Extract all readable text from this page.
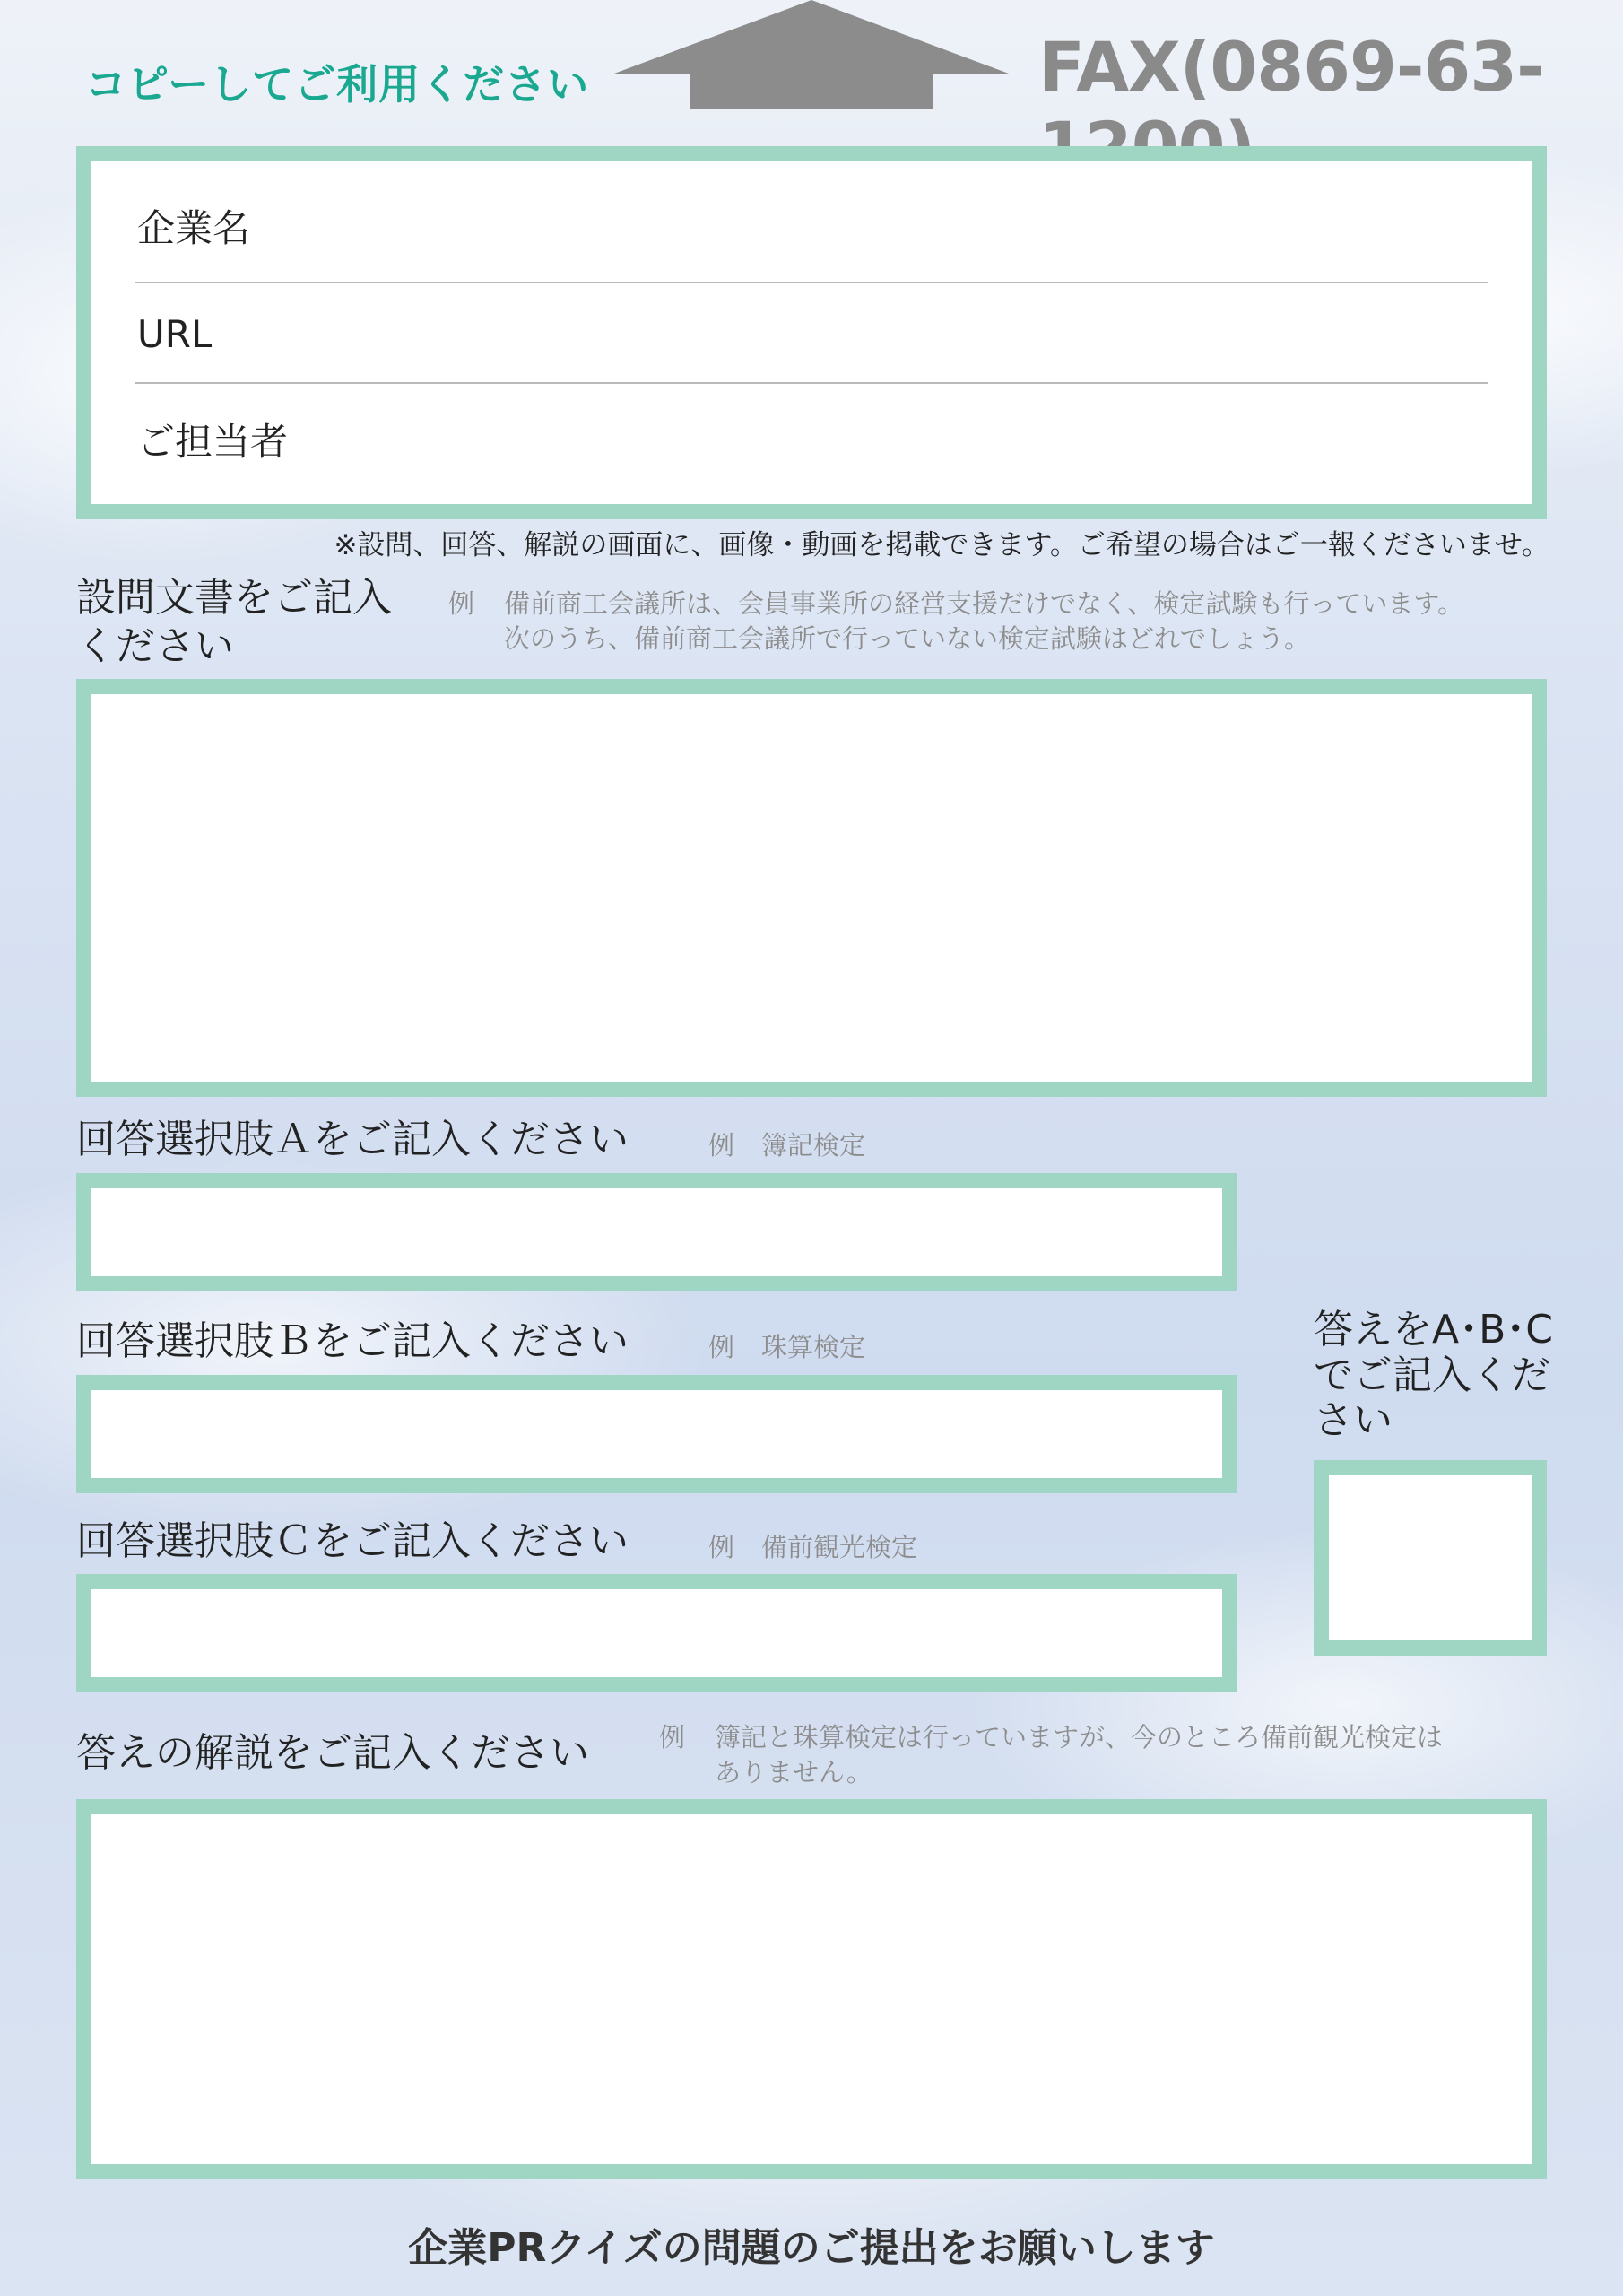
コピーしてご利用ください	FAX(0869-63-
企業名
URL
ご担当者
※設問、回答、解説の画面に、画像・動画を掲載できます。ご希望の場合はご一報くださいませ。
設問文書をご記入
ください
例 備前商工会議所は、会員事業所の経営支援だけでなく、検定試験も行っています。
次のうち、備前商工会議所で行っていない検定試験はどれでしょう。
回答選択肢Ａをご記入ください	例 簿記検定
回答選択肢Ｂをご記入ください	例 珠算検定
回答選択肢Ｃをご記入ください	例 備前観光検定
答えをA･B･C
でご記入くだ
さい
答えの解説をご記入ください	例 簿記と珠算検定は行っていますが、今のところ備前観光検定は
ありません。
企業PRクイズの問題のご提出をお願いします
